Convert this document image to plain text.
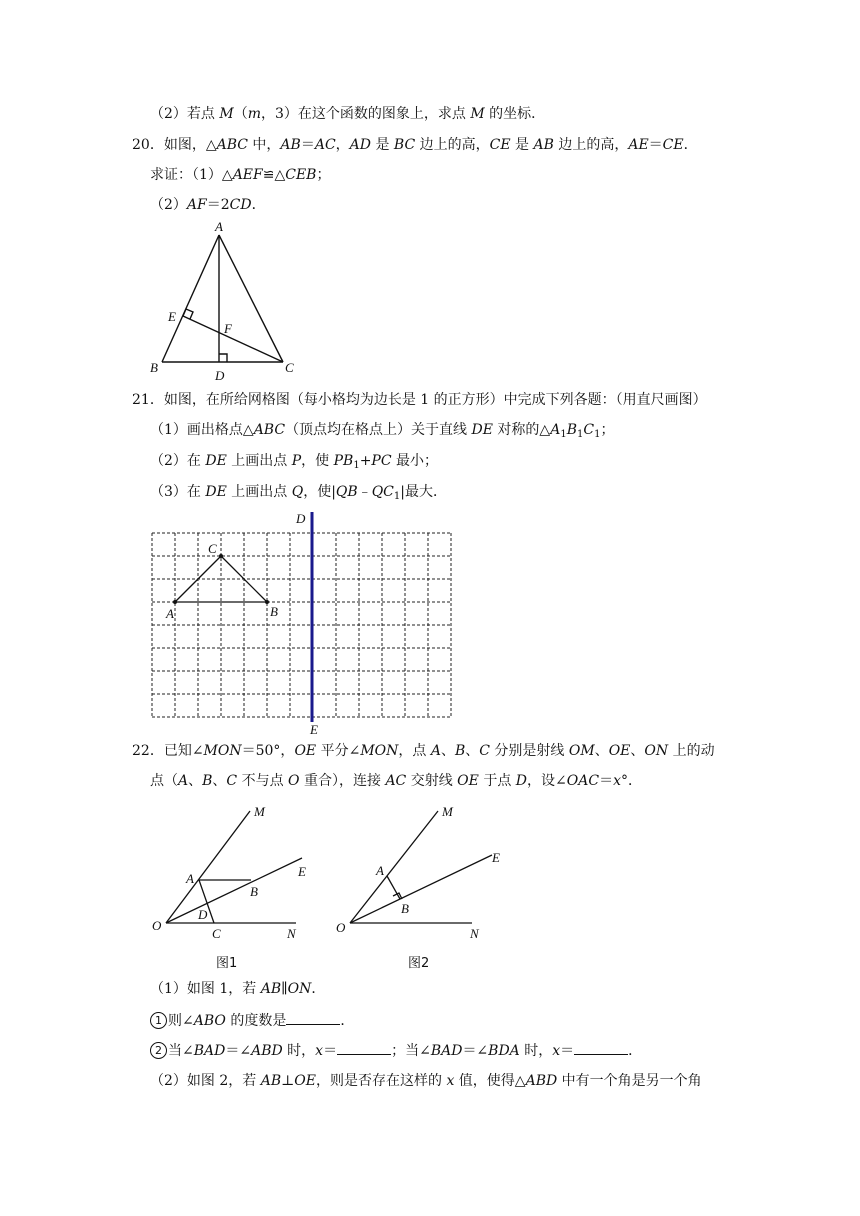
（2）若点 M（m，3）在这个函数的图象上，求点 M 的坐标．
20．如图，△ABC 中，AB＝AC，AD 是 BC 边上的高，CE 是 AB 边上的高，AE＝CE．
求证：（1）△AEF≌△CEB；
（2）AF＝2CD．
A
E
F
B
D
C
21．如图，在所给网格图（每小格均为边长是 1 的正方形）中完成下列各题：（用直尺画图）
（1）画出格点△ABC（顶点均在格点上）关于直线 DE 对称的$\triangle A_1B_1C_1$；
（2）在 DE 上画出点 P，使 $PB_1+PC$ 最小；
（3）在 DE 上画出点 Q，使$|QB﹣QC_1|$最大．
D
E
C
A	B
22．已知∠MON＝50°，OE 平分∠MON，点 A、B、C 分别是射线 OM、OE、ON 上的动
点（A、B、C 不与点 O 重合），连接 AC 交射线 OE 于点 D，设∠OAC＝x°．
M
E
A
B
D
O
C	N
图1
M
E
A
B
O	N
图2
（1）如图 1，若 AB∥ON．
1 则∠ABO 的度数是	．
2 当∠BAD＝∠ABD 时，x＝	；当∠BAD＝∠BDA 时，x＝	．
（2）如图 2，若 AB⊥OE，则是否存在这样的 x 值，使得△ABD 中有一个角是另一个角
